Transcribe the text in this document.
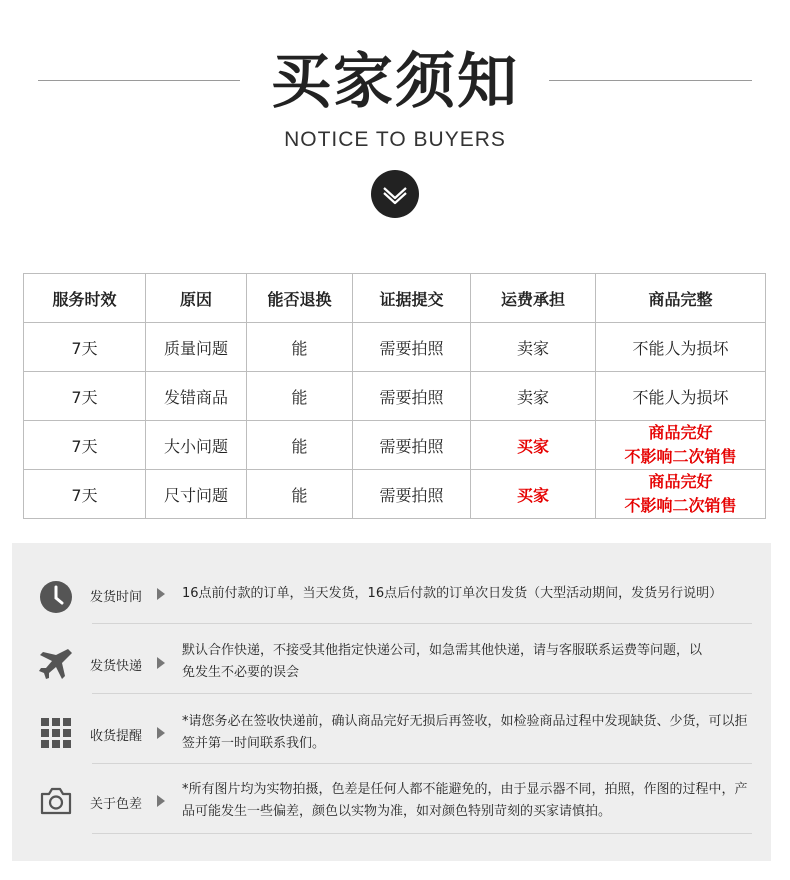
买家须知
NOTICE TO BUYERS
服务时效	原因	能否退换	证据提交	运费承担	商品完整
7天	质量问题	能	需要拍照	卖家	不能人为损坏
7天	发错商品	能	需要拍照	卖家	不能人为损坏
7天	大小问题	能	需要拍照	买家	商品完好
不影响二次销售

7天	尺寸问题	能	需要拍照	买家	商品完好
不影响二次销售
发货时间	16点前付款的订单，当天发货，16点后付款的订单次日发货（大型活动期间，发货另行说明）
发货快递
默认合作快递，不接受其他指定快递公司，如急需其他快递，请与客服联系运费等问题，以免发生不必要的误会
收货提醒
*请您务必在签收快递前，确认商品完好无损后再签收，如检验商品过程中发现缺货、少货，可以拒签并第一时间联系我们。
关于色差
*所有图片均为实物拍摄，色差是任何人都不能避免的，由于显示器不同，拍照，作图的过程中，产品可能发生一些偏差，颜色以实物为准，如对颜色特别苛刻的买家请慎拍。
